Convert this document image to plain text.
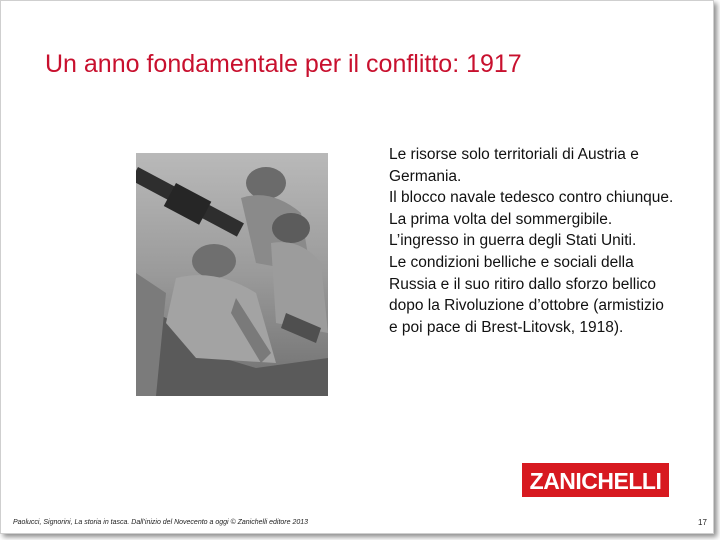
Un anno fondamentale per il conflitto: 1917

Le risorse solo territoriali di Austria e Germania.

Il blocco navale tedesco contro chiunque.

La prima volta del sommergibile.

L’ingresso in guerra degli Stati Uniti.

Le condizioni belliche e sociali della Russia e il suo ritiro dallo sforzo bellico dopo la Rivoluzione d’ottobre (armistizio e poi pace di Brest-Litovsk, 1918).

ZANICHELLI
Paolucci, Signorini, La storia in tasca. Dall’inizio del Novecento a oggi © Zanichelli editore 2013	17
